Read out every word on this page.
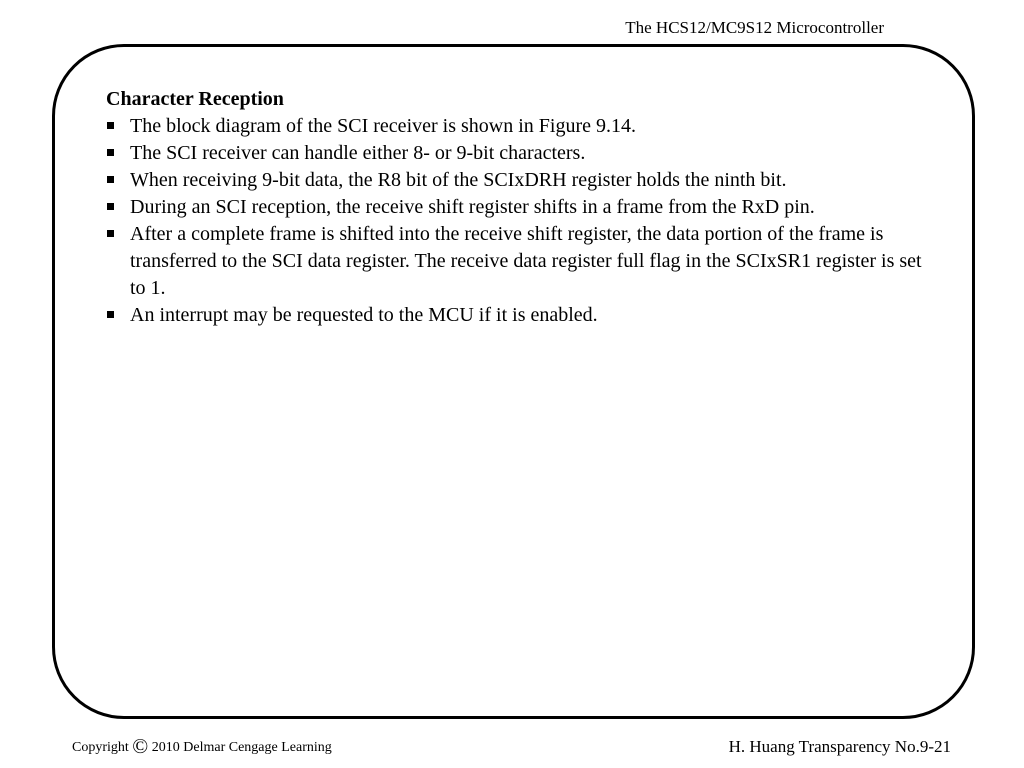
The HCS12/MC9S12 Microcontroller

Character Reception

The block diagram of the SCI receiver is shown in Figure 9.14.
The SCI receiver can handle either 8- or 9-bit characters.
When receiving 9-bit data, the R8 bit of the SCIxDRH register holds the ninth bit.
During an SCI reception, the receive shift register shifts in a frame from the RxD pin.
After a complete frame is shifted into the receive shift register, the data portion of the frame is transferred to the SCI data register. The receive data register full flag in the SCIxSR1 register is set to 1.
An interrupt may be requested to the MCU if it is enabled.
Copyright © 2010 Delmar Cengage Learning	H. Huang Transparency No.9-21
